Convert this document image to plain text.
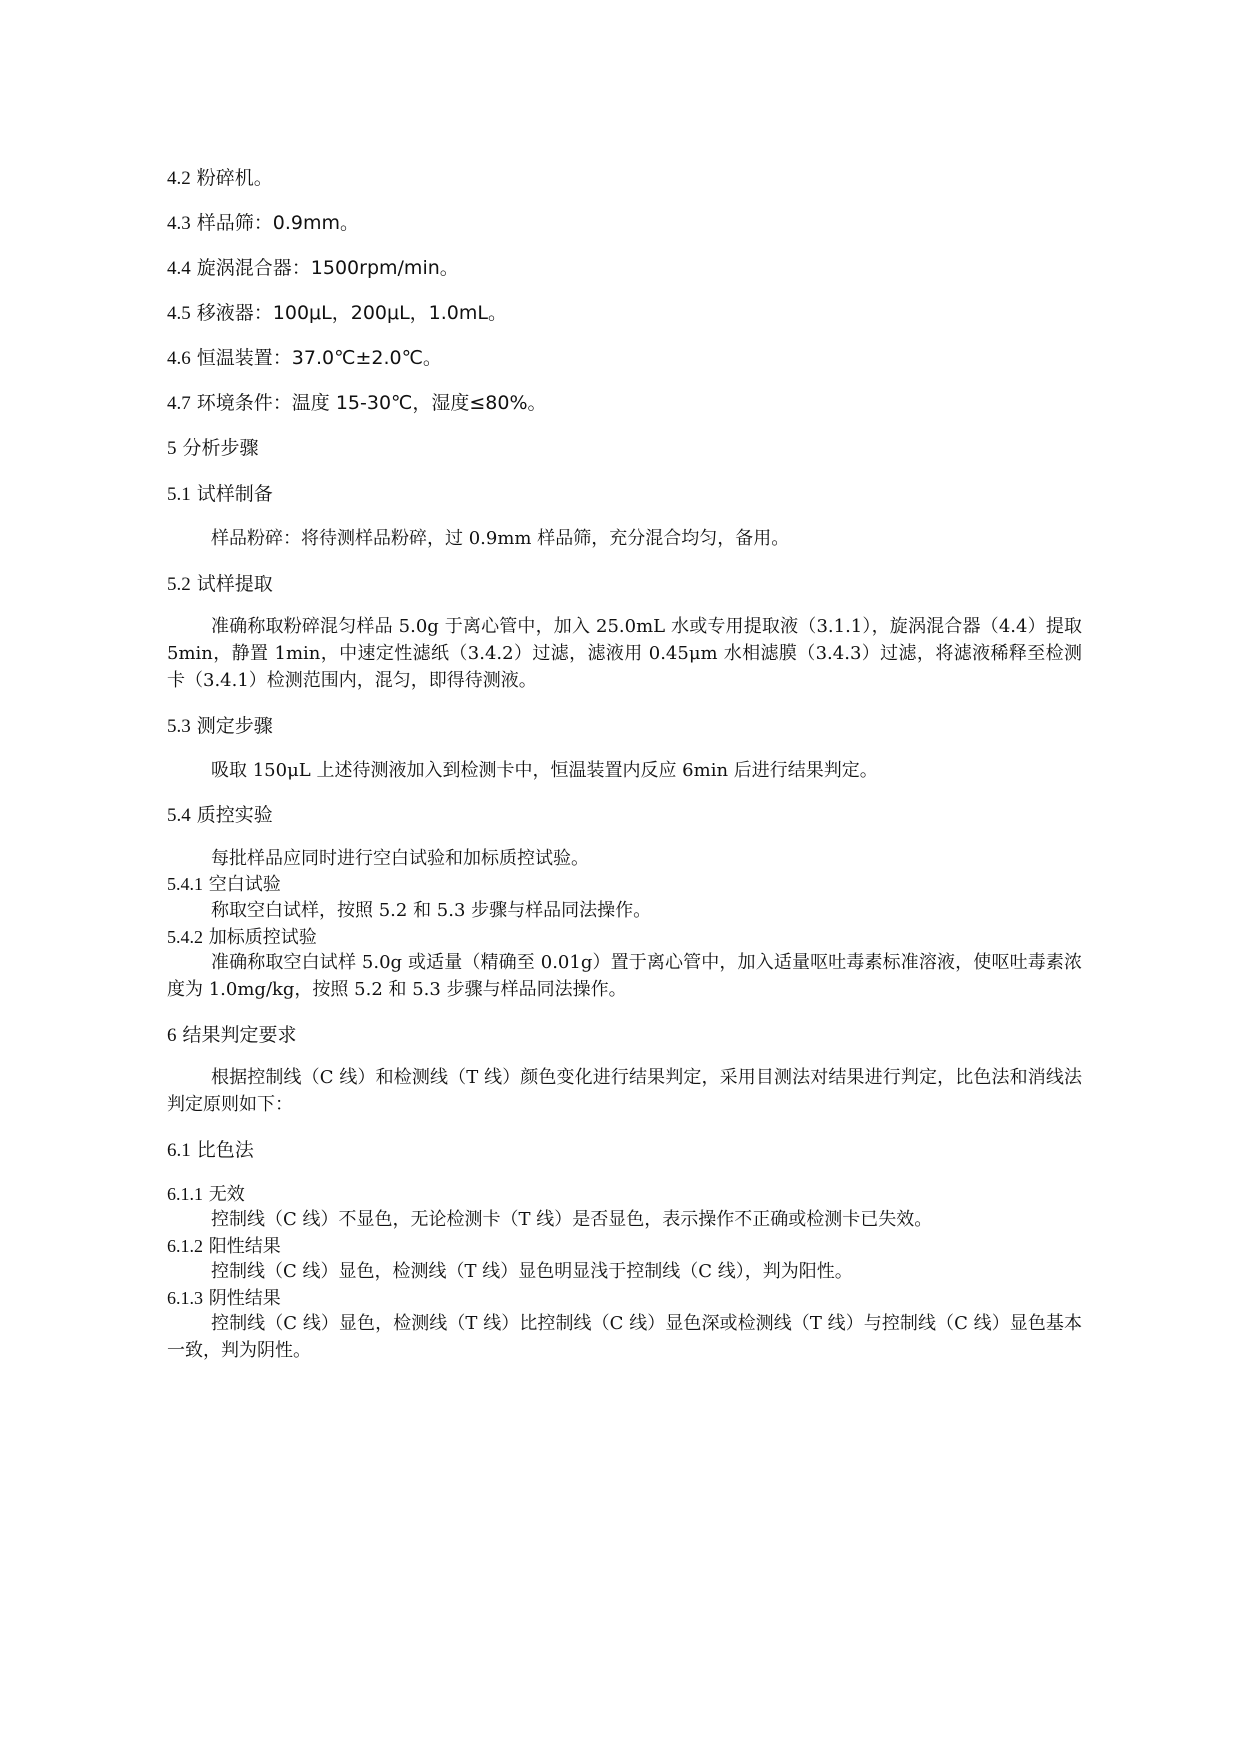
4.2 粉碎机。
4.3 样品筛：0.9mm。
4.4 旋涡混合器：1500rpm/min。
4.5 移液器：100μL，200μL，1.0mL。
4.6 恒温装置：37.0℃±2.0℃。
4.7 环境条件：温度 15-30℃，湿度≤80%。
5 分析步骤
5.1 试样制备

样品粉碎：将待测样品粉碎，过 0.9mm 样品筛，充分混合均匀，备用。

5.2 试样提取

准确称取粉碎混匀样品 5.0g 于离心管中，加入 25.0mL 水或专用提取液（3.1.1），旋涡混合器（4.4）提取 5min，静置 1min，中速定性滤纸（3.4.2）过滤，滤液用 0.45μm 水相滤膜（3.4.3）过滤，将滤液稀释至检测卡（3.4.1）检测范围内，混匀，即得待测液。

5.3 测定步骤

吸取 150μL 上述待测液加入到检测卡中，恒温装置内反应 6min 后进行结果判定。

5.4 质控实验

每批样品应同时进行空白试验和加标质控试验。

5.4.1 空白试验

称取空白试样，按照 5.2 和 5.3 步骤与样品同法操作。

5.4.2 加标质控试验

准确称取空白试样 5.0g 或适量（精确至 0.01g）置于离心管中，加入适量呕吐毒素标准溶液，使呕吐毒素浓度为 1.0mg/kg，按照 5.2 和 5.3 步骤与样品同法操作。

6 结果判定要求

根据控制线（C 线）和检测线（T 线）颜色变化进行结果判定，采用目测法对结果进行判定，比色法和消线法判定原则如下：

6.1 比色法
6.1.1 无效

控制线（C 线）不显色，无论检测卡（T 线）是否显色，表示操作不正确或检测卡已失效。

6.1.2 阳性结果

控制线（C 线）显色，检测线（T 线）显色明显浅于控制线（C 线），判为阳性。

6.1.3 阴性结果

控制线（C 线）显色，检测线（T 线）比控制线（C 线）显色深或检测线（T 线）与控制线（C 线）显色基本一致，判为阴性。
